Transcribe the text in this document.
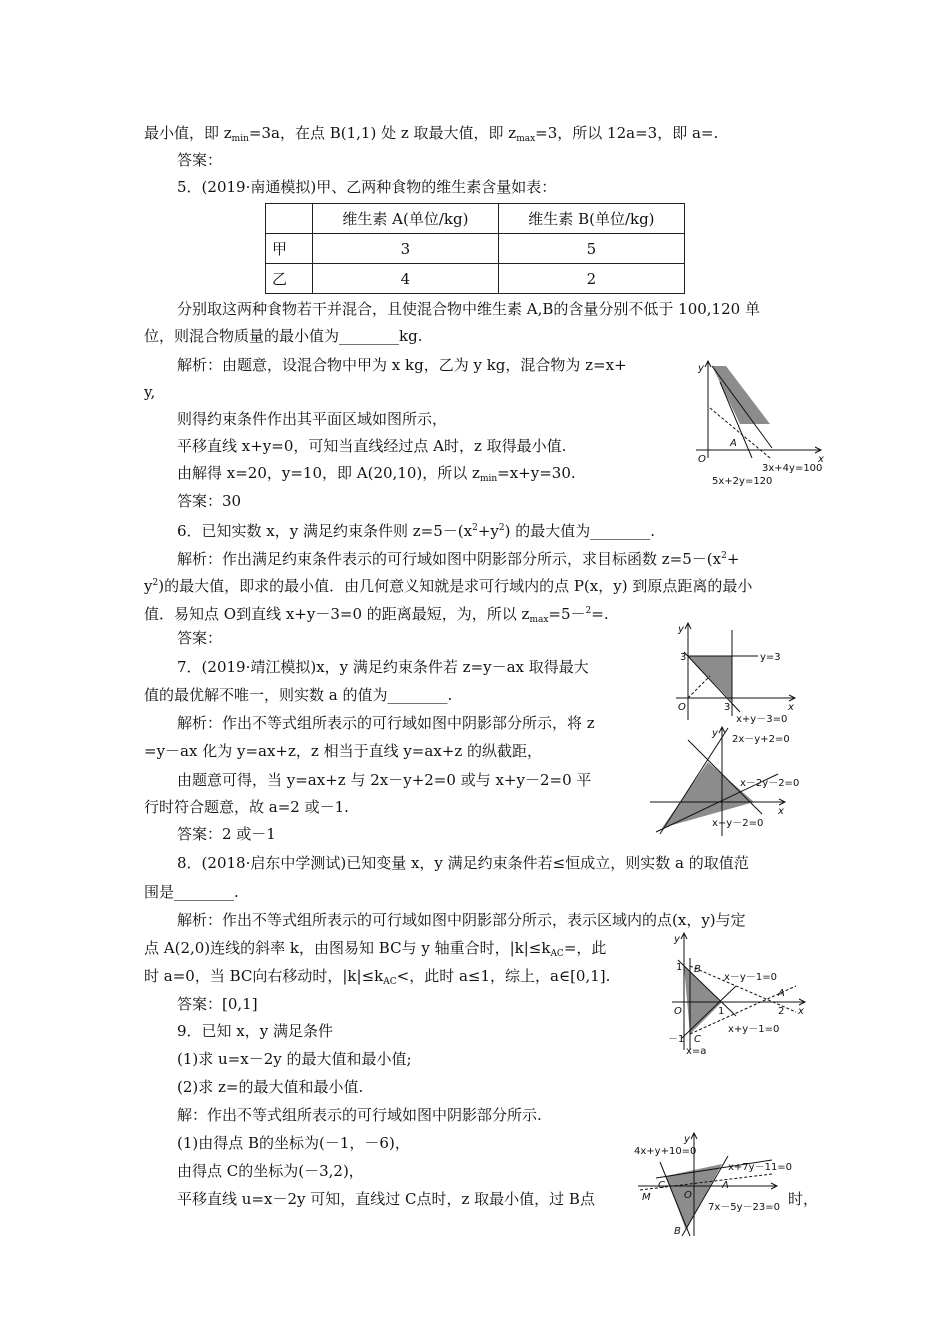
最小值，即 $z_{min}=3a$，在点 B(1,1) 处 z 取最大值，即 $z_{max}=3$，所以 12a=3，即 a=.
答案：
5．(2019·南通模拟)甲、乙两种食物的维生素含量如表：
	维生素 A(单位/kg)	维生素 B(单位/kg)
甲	3	5
乙	4	2
分别取这两种食物若干并混合，且使混合物中维生素 A,B的含量分别不低于 100,120 单
位，则混合物质量的最小值为________kg.
解析：由题意，设混合物中甲为 x kg，乙为 y kg，混合物为 z=x+
y,
则得约束条件作出其平面区域如图所示，
平移直线 x+y=0，可知当直线经过点 A时，z 取得最小值.
由解得 x=20，y=10，即 A(20,10)，所以 $z_{min}=x+y=30$.
答案：30
6．已知实数 x，y 满足约束条件则 $z=5-(x^2+y^2)$ 的最大值为________.
解析：作出满足约束条件表示的可行域如图中阴影部分所示，求目标函数 $z=5-(x^2+$
$y^2$)的最大值，即求的最小值．由几何意义知就是求可行域内的点 P(x，y) 到原点距离的最小
值．易知点 O到直线 x+y－3=0 的距离最短，为，所以 $z_{max}=5-^2=$.
答案：
7．(2019·靖江模拟)x，y 满足约束条件若 z=y－ax 取得最大
值的最优解不唯一，则实数 a 的值为________.
解析：作出不等式组所表示的可行域如图中阴影部分所示，将 z
=y－ax 化为 y=ax+z，z 相当于直线 y=ax+z 的纵截距，
由题意可得，当 y=ax+z 与 2x－y+2=0 或与 x+y－2=0 平
行时符合题意，故 a=2 或－1.
答案：2 或－1
8．(2018·启东中学测试)已知变量 x，y 满足约束条件若≤恒成立，则实数 a 的取值范
围是________.
解析：作出不等式组所表示的可行域如图中阴影部分所示，表示区域内的点(x，y)与定
点 A(2,0)连线的斜率 k，由图易知 BC与 y 轴重合时，$|k|\le k_{AC}=$，此
时 a=0，当 BC向右移动时，$|k|\le k_{AC}<$，此时 a≤1，综上，a∈[0,1].
答案：[0,1]
9．已知 x，y 满足条件
(1)求 u=x－2y 的最大值和最小值;
(2)求 z=的最大值和最小值.
解：作出不等式组所表示的可行域如图中阴影部分所示.
(1)由得点 B的坐标为(－1，－6)，
由得点 C的坐标为(－3,2)，
平移直线 u=x－2y 可知，直线过 C点时，z 取最小值，过 B点	时，
y
O
A
x
3x+4y=100
5x+2y=120
y
3
O	3	x
y=3
x+y－3=0
y
x
2x－y+2=0
x－2y－2=0
x+y－2=0
y
1 B
x－y－1=0
A
O	1	2 x
x+y－1=0
－1 C
x=a
y
4x+y+10=0
x+7y－11=0
C
M
A
O
7x－5y－23=0
B
